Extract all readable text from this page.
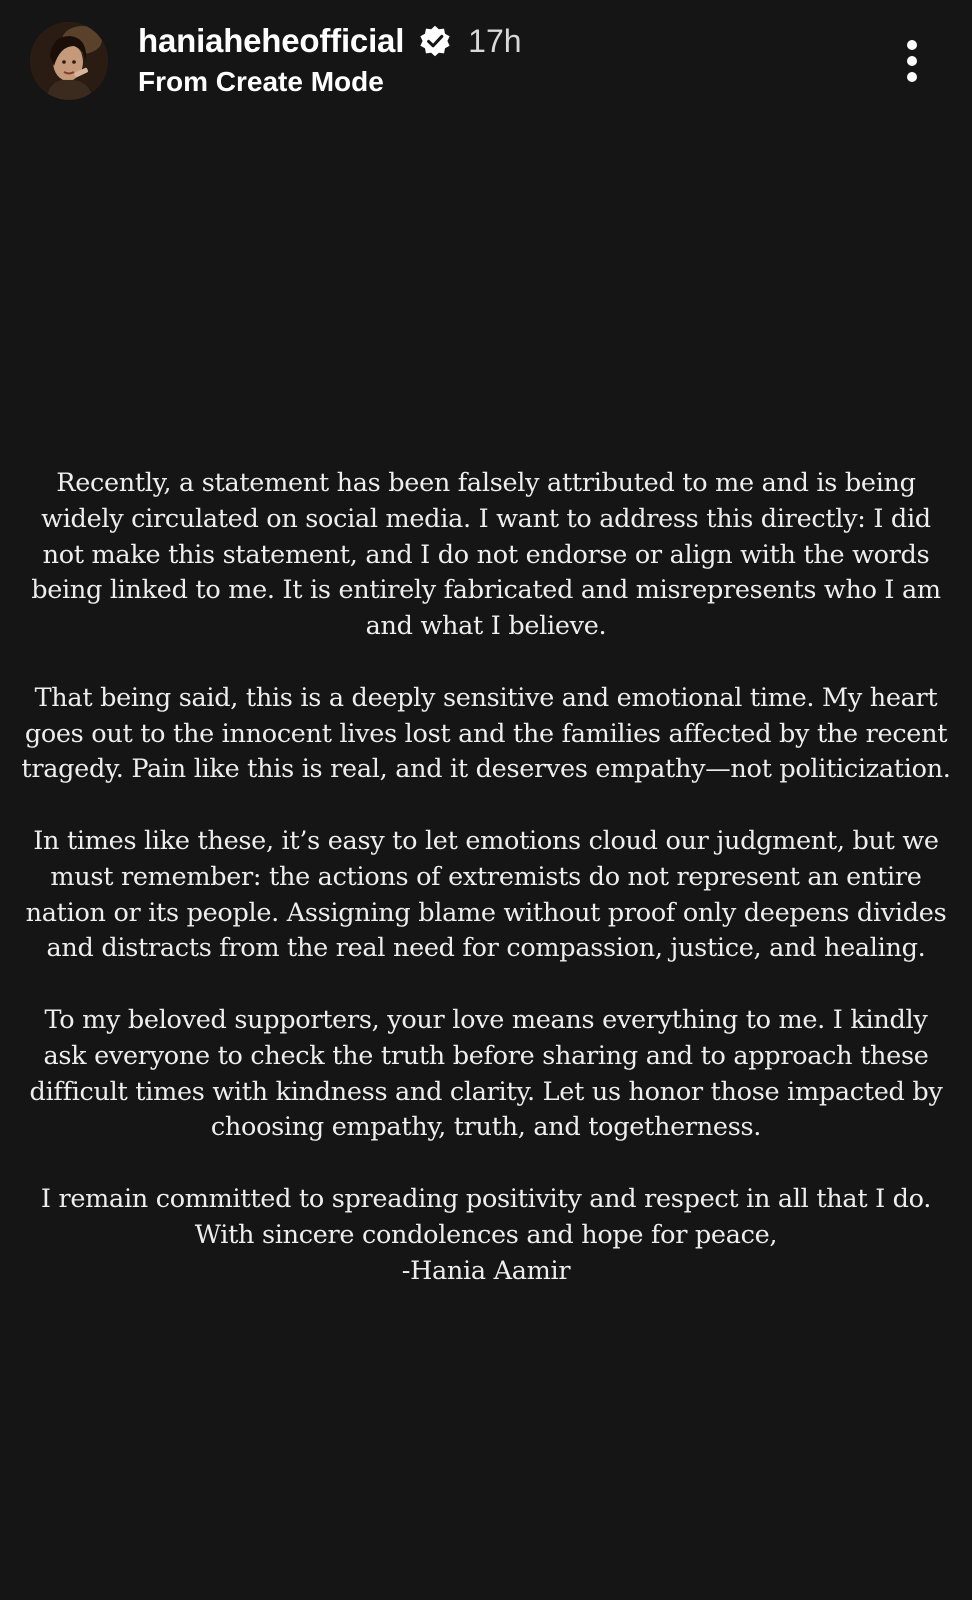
haniaheheofficial 17h
From Create Mode
Recently, a statement has been falsely attributed to me and is being
widely circulated on social media. I want to address this directly: I did
not make this statement, and I do not endorse or align with the words
being linked to me. It is entirely fabricated and misrepresents who I am
and what I believe.
That being said, this is a deeply sensitive and emotional time. My heart
goes out to the innocent lives lost and the families affected by the recent
tragedy. Pain like this is real, and it deserves empathy—not politicization.
In times like these, it’s easy to let emotions cloud our judgment, but we
must remember: the actions of extremists do not represent an entire
nation or its people. Assigning blame without proof only deepens divides
and distracts from the real need for compassion, justice, and healing.
To my beloved supporters, your love means everything to me. I kindly
ask everyone to check the truth before sharing and to approach these
difficult times with kindness and clarity. Let us honor those impacted by
choosing empathy, truth, and togetherness.
I remain committed to spreading positivity and respect in all that I do.
With sincere condolences and hope for peace,
-Hania Aamir
